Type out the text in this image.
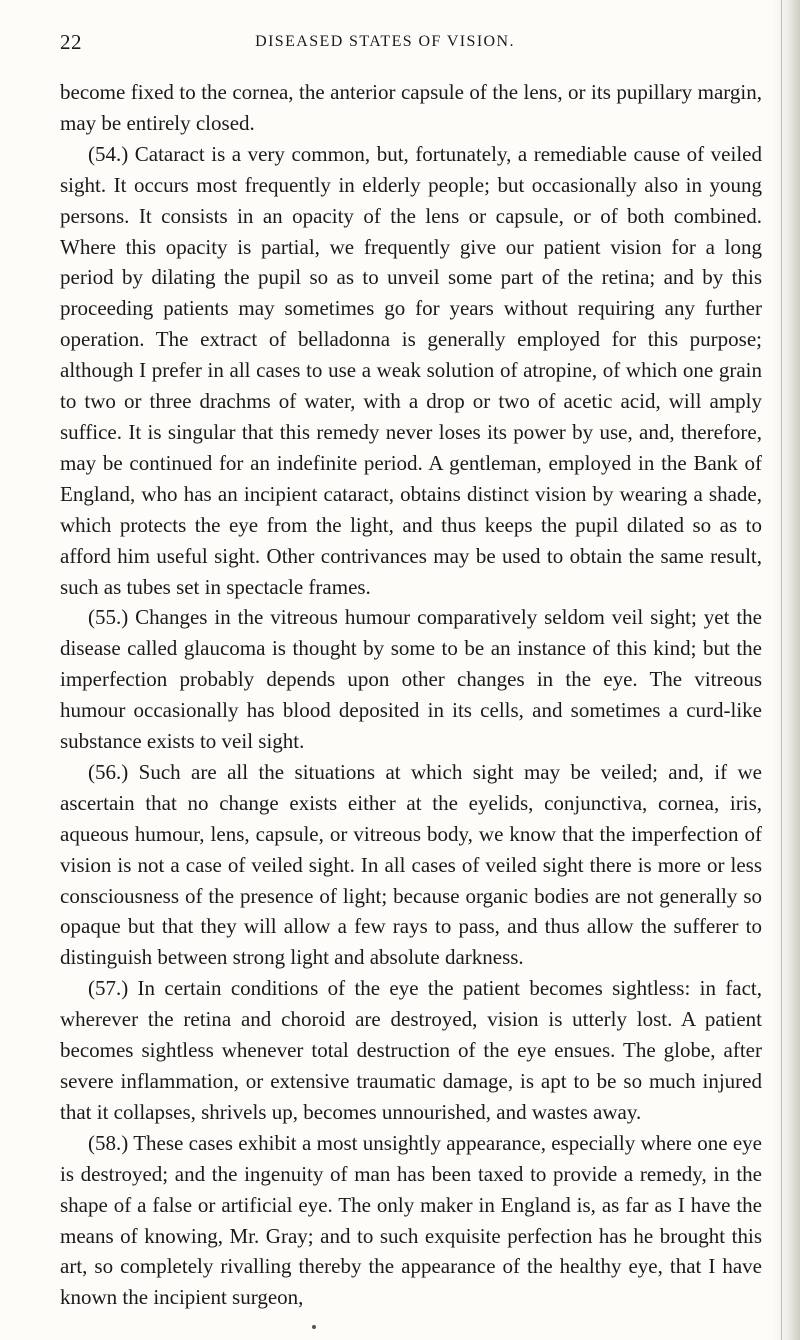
22	DISEASED STATES OF VISION.

become fixed to the cornea, the anterior capsule of the lens, or its pupillary margin, may be entirely closed.

(54.) Cataract is a very common, but, fortunately, a remediable cause of veiled sight. It occurs most frequently in elderly people; but occasionally also in young persons. It consists in an opacity of the lens or capsule, or of both combined. Where this opacity is partial, we frequently give our patient vision for a long period by dilating the pupil so as to unveil some part of the retina; and by this proceeding patients may sometimes go for years without requiring any further operation. The extract of belladonna is generally employed for this purpose; although I prefer in all cases to use a weak solution of atropine, of which one grain to two or three drachms of water, with a drop or two of acetic acid, will amply suffice. It is singular that this remedy never loses its power by use, and, therefore, may be continued for an indefinite period. A gentleman, employed in the Bank of England, who has an incipient cataract, obtains distinct vision by wearing a shade, which protects the eye from the light, and thus keeps the pupil dilated so as to afford him useful sight. Other contrivances may be used to obtain the same result, such as tubes set in spectacle frames.

(55.) Changes in the vitreous humour comparatively seldom veil sight; yet the disease called glaucoma is thought by some to be an instance of this kind; but the imperfection probably depends upon other changes in the eye. The vitreous humour occasionally has blood deposited in its cells, and sometimes a curd-like substance exists to veil sight.

(56.) Such are all the situations at which sight may be veiled; and, if we ascertain that no change exists either at the eyelids, conjunctiva, cornea, iris, aqueous humour, lens, capsule, or vitreous body, we know that the imperfection of vision is not a case of veiled sight. In all cases of veiled sight there is more or less consciousness of the presence of light; because organic bodies are not generally so opaque but that they will allow a few rays to pass, and thus allow the sufferer to distinguish between strong light and absolute darkness.

(57.) In certain conditions of the eye the patient becomes sightless: in fact, wherever the retina and choroid are destroyed, vision is utterly lost. A patient becomes sightless whenever total destruction of the eye ensues. The globe, after severe inflammation, or extensive traumatic damage, is apt to be so much injured that it collapses, shrivels up, becomes unnourished, and wastes away.

(58.) These cases exhibit a most unsightly appearance, especially where one eye is destroyed; and the ingenuity of man has been taxed to provide a remedy, in the shape of a false or artificial eye. The only maker in England is, as far as I have the means of knowing, Mr. Gray; and to such exquisite perfection has he brought this art, so completely rivalling thereby the appearance of the healthy eye, that I have known the incipient surgeon,
